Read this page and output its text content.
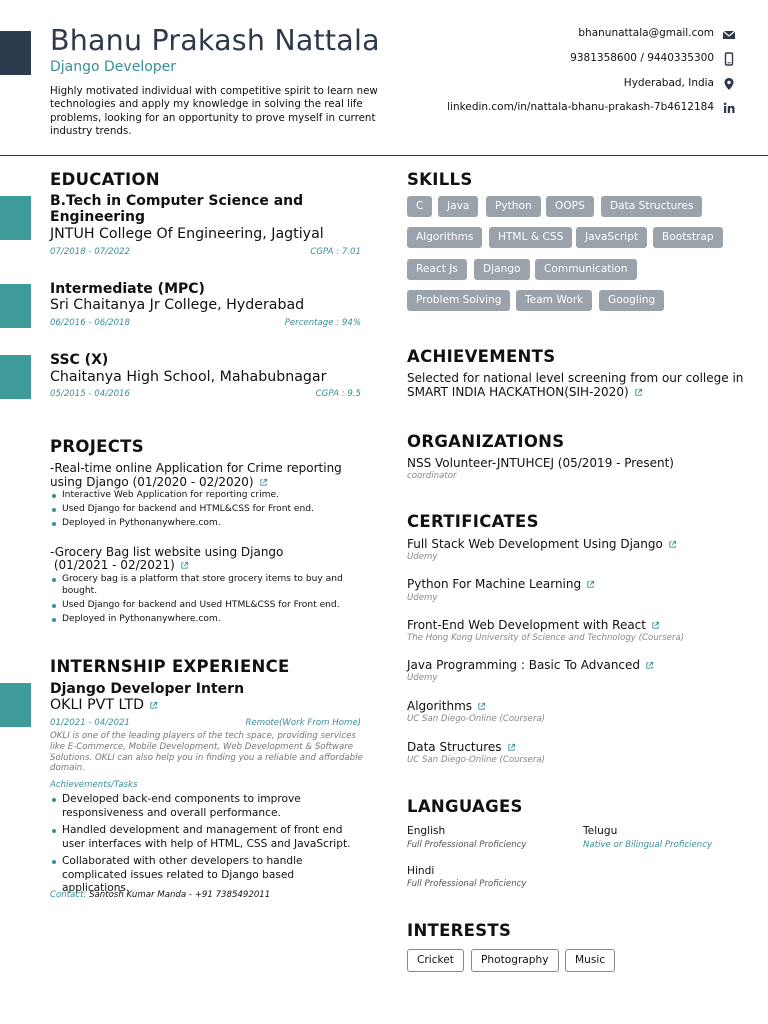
Bhanu Prakash Nattala
Django Developer
Highly motivated individual with competitive spirit to learn new technologies and apply my knowledge in solving the real life problems, looking for an opportunity to prove myself in current industry trends.
bhanunattala@gmail.com
9381358600 / 9440335300
Hyderabad, India
linkedin.com/in/nattala-bhanu-prakash-7b4612184
EDUCATION
B.Tech in Computer Science and Engineering
JNTUH College Of Engineering, Jagtiyal
07/2018 - 07/2022	CGPA : 7.01
Intermediate (MPC)
Sri Chaitanya Jr College, Hyderabad
06/2016 - 06/2018	Percentage : 94%
SSC (X)
Chaitanya High School, Mahabubnagar
05/2015 - 04/2016	CGPA : 9.5
PROJECTS
-Real-time online Application for Crime reporting using Django (01/2020 - 02/2020)
Interactive Web Application for reporting crime.
Used Django for backend and HTML&CSS for Front end.
Deployed in Pythonanywhere.com.
-Grocery Bag list website using Django
(01/2021 - 02/2021)
Grocery bag is a platform that store grocery items to buy and bought.
Used Django for backend and Used HTML&CSS for Front end.
Deployed in Pythonanywhere.com.
INTERNSHIP EXPERIENCE
Django Developer Intern
OKLI PVT LTD
01/2021 - 04/2021	Remote(Work From Home)
OKLI is one of the leading players of the tech space, providing services like E-Commerce, Mobile Development, Web Development & Software Solutions. OKLI can also help you in finding you a reliable and affordable domain.
Achievements/Tasks
Developed back-end components to improve responsiveness and overall performance.
Handled development and management of front end user interfaces with help of HTML, CSS and JavaScript.
Collaborated with other developers to handle complicated issues related to Django based applications.
Contact: Santosh Kumar Manda - +91 7385492011
SKILLS
C	Java	Python	OOPS	Data Structures
Algorithms	HTML & CSS	JavaScript	Bootstrap
React Js	Django	Communication
Problem Solving	Team Work	Googling
ACHIEVEMENTS
Selected for national level screening from our college in
SMART INDIA HACKATHON(SIH-2020)
ORGANIZATIONS
NSS Volunteer-JNTUHCEJ (05/2019 - Present)
coordinator
CERTIFICATES
Full Stack Web Development Using Django
Udemy
Python For Machine Learning
Udemy
Front-End Web Development with React
The Hong Kong University of Science and Technology (Coursera)
Java Programming : Basic To Advanced
Udemy
Algorithms
UC San Diego-Online (Coursera)
Data Structures
UC San Diego-Online (Coursera)
LANGUAGES
English
Full Professional Proficiency
Telugu
Native or Bilingual Proficiency
Hindi
Full Professional Proficiency
INTERESTS
Cricket	Photography	Music
